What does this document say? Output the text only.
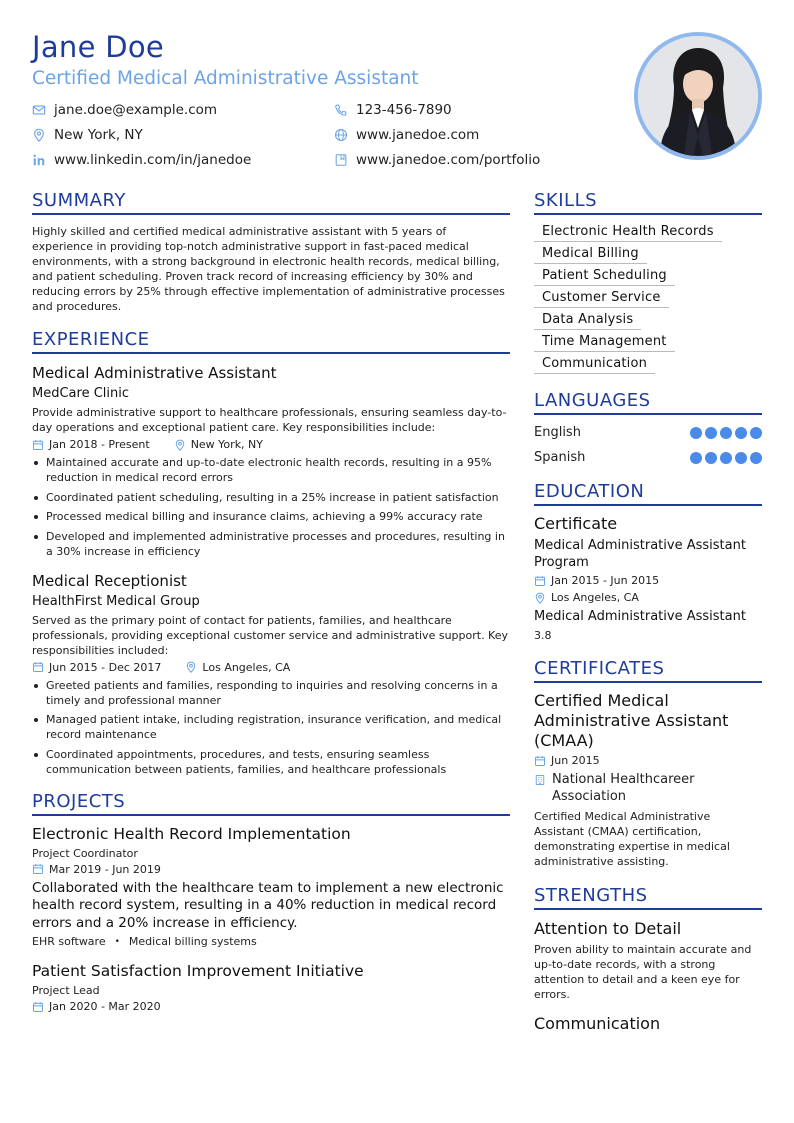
Jane Doe
Certified Medical Administrative Assistant
jane.doe@example.com	123-456-7890
New York, NY	www.janedoe.com
www.linkedin.com/in/janedoe	www.janedoe.com/portfolio
SUMMARY
Highly skilled and certified medical administrative assistant with 5 years of experience in providing top-notch administrative support in fast-paced medical environments, with a strong background in electronic health records, medical billing, and patient scheduling. Proven track record of increasing efficiency by 30% and reducing errors by 25% through effective implementation of administrative processes and procedures.
EXPERIENCE
Medical Administrative Assistant
MedCare Clinic
Provide administrative support to healthcare professionals, ensuring seamless day-to-day operations and exceptional patient care. Key responsibilities include:
Jan 2018 - Present	New York, NY
Maintained accurate and up-to-date electronic health records, resulting in a 95% reduction in medical record errors
Coordinated patient scheduling, resulting in a 25% increase in patient satisfaction
Processed medical billing and insurance claims, achieving a 99% accuracy rate
Developed and implemented administrative processes and procedures, resulting in a 30% increase in efficiency
Medical Receptionist
HealthFirst Medical Group
Served as the primary point of contact for patients, families, and healthcare professionals, providing exceptional customer service and administrative support. Key responsibilities included:
Jun 2015 - Dec 2017	Los Angeles, CA
Greeted patients and families, responding to inquiries and resolving concerns in a timely and professional manner
Managed patient intake, including registration, insurance verification, and medical record maintenance
Coordinated appointments, procedures, and tests, ensuring seamless communication between patients, families, and healthcare professionals
PROJECTS
Electronic Health Record Implementation
Project Coordinator
Mar 2019 - Jun 2019
Collaborated with the healthcare team to implement a new electronic health record system, resulting in a 40% reduction in medical record errors and a 20% increase in efficiency.
EHR software • Medical billing systems
Patient Satisfaction Improvement Initiative
Project Lead
Jan 2020 - Mar 2020
SKILLS
Electronic Health Records
Medical Billing
Patient Scheduling
Customer Service
Data Analysis
Time Management
Communication
LANGUAGES
English
Spanish
EDUCATION
Certificate
Medical Administrative Assistant Program
Jan 2015 - Jun 2015
Los Angeles, CA
Medical Administrative Assistant
3.8
CERTIFICATES
Certified Medical Administrative Assistant (CMAA)
Jun 2015
National Healthcareer Association
Certified Medical Administrative Assistant (CMAA) certification, demonstrating expertise in medical administrative assisting.
STRENGTHS
Attention to Detail
Proven ability to maintain accurate and up-to-date records, with a strong attention to detail and a keen eye for errors.
Communication
